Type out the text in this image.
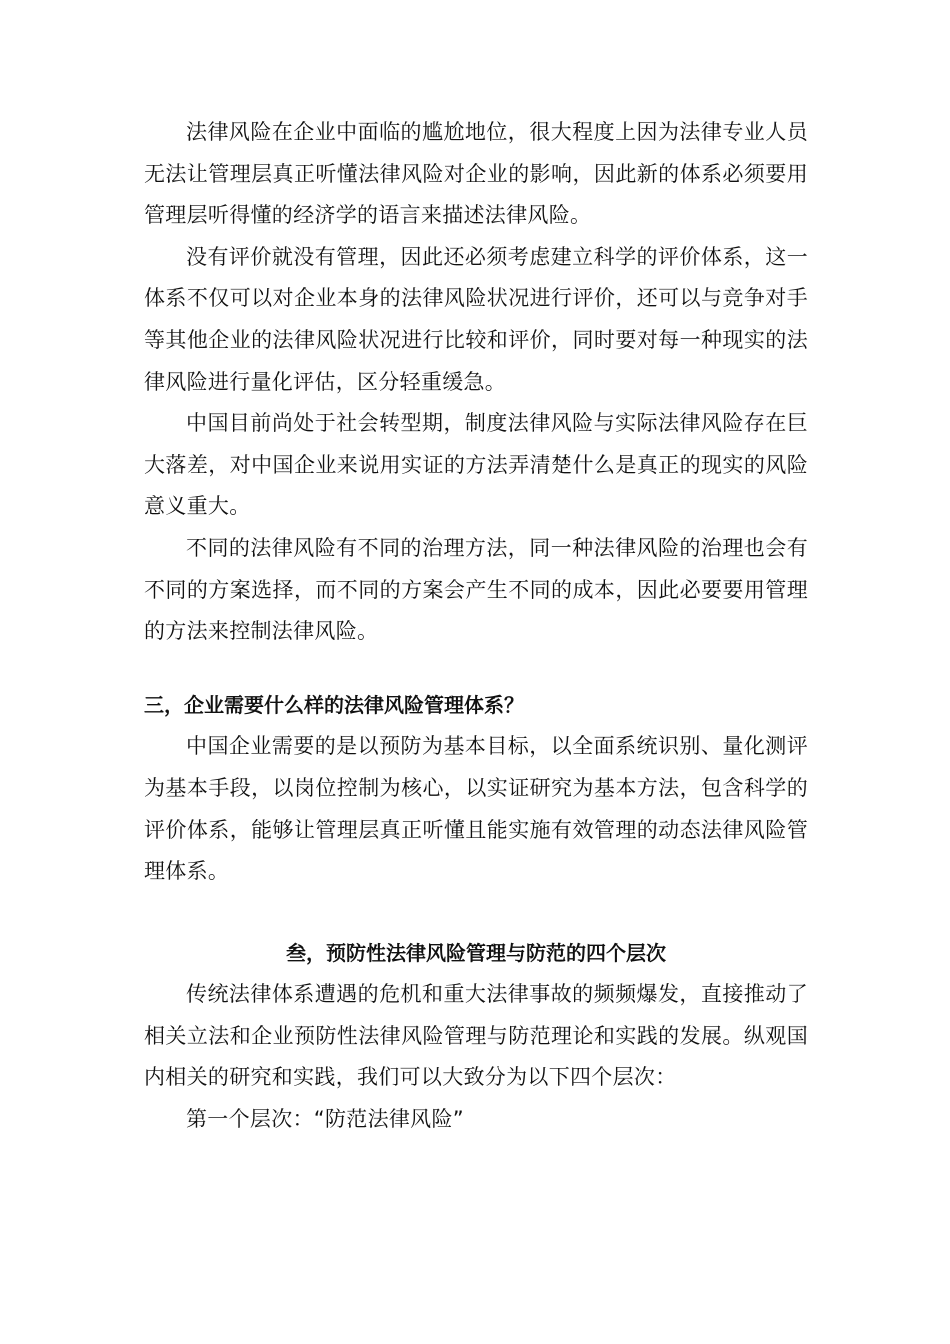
法律风险在企业中面临的尴尬地位，很大程度上因为法律专业人员无法让管理层真正听懂法律风险对企业的影响，因此新的体系必须要用管理层听得懂的经济学的语言来描述法律风险。

没有评价就没有管理，因此还必须考虑建立科学的评价体系，这一体系不仅可以对企业本身的法律风险状况进行评价，还可以与竞争对手等其他企业的法律风险状况进行比较和评价，同时要对每一种现实的法律风险进行量化评估，区分轻重缓急。

中国目前尚处于社会转型期，制度法律风险与实际法律风险存在巨大落差，对中国企业来说用实证的方法弄清楚什么是真正的现实的风险意义重大。

不同的法律风险有不同的治理方法，同一种法律风险的治理也会有不同的方案选择，而不同的方案会产生不同的成本，因此必要要用管理的方法来控制法律风险。

三，企业需要什么样的法律风险管理体系？

中国企业需要的是以预防为基本目标，以全面系统识别、量化测评为基本手段，以岗位控制为核心，以实证研究为基本方法，包含科学的评价体系，能够让管理层真正听懂且能实施有效管理的动态法律风险管理体系。

叁，预防性法律风险管理与防范的四个层次

传统法律体系遭遇的危机和重大法律事故的频频爆发，直接推动了相关立法和企业预防性法律风险管理与防范理论和实践的发展。纵观国内相关的研究和实践，我们可以大致分为以下四个层次：

第一个层次：“防范法律风险”
